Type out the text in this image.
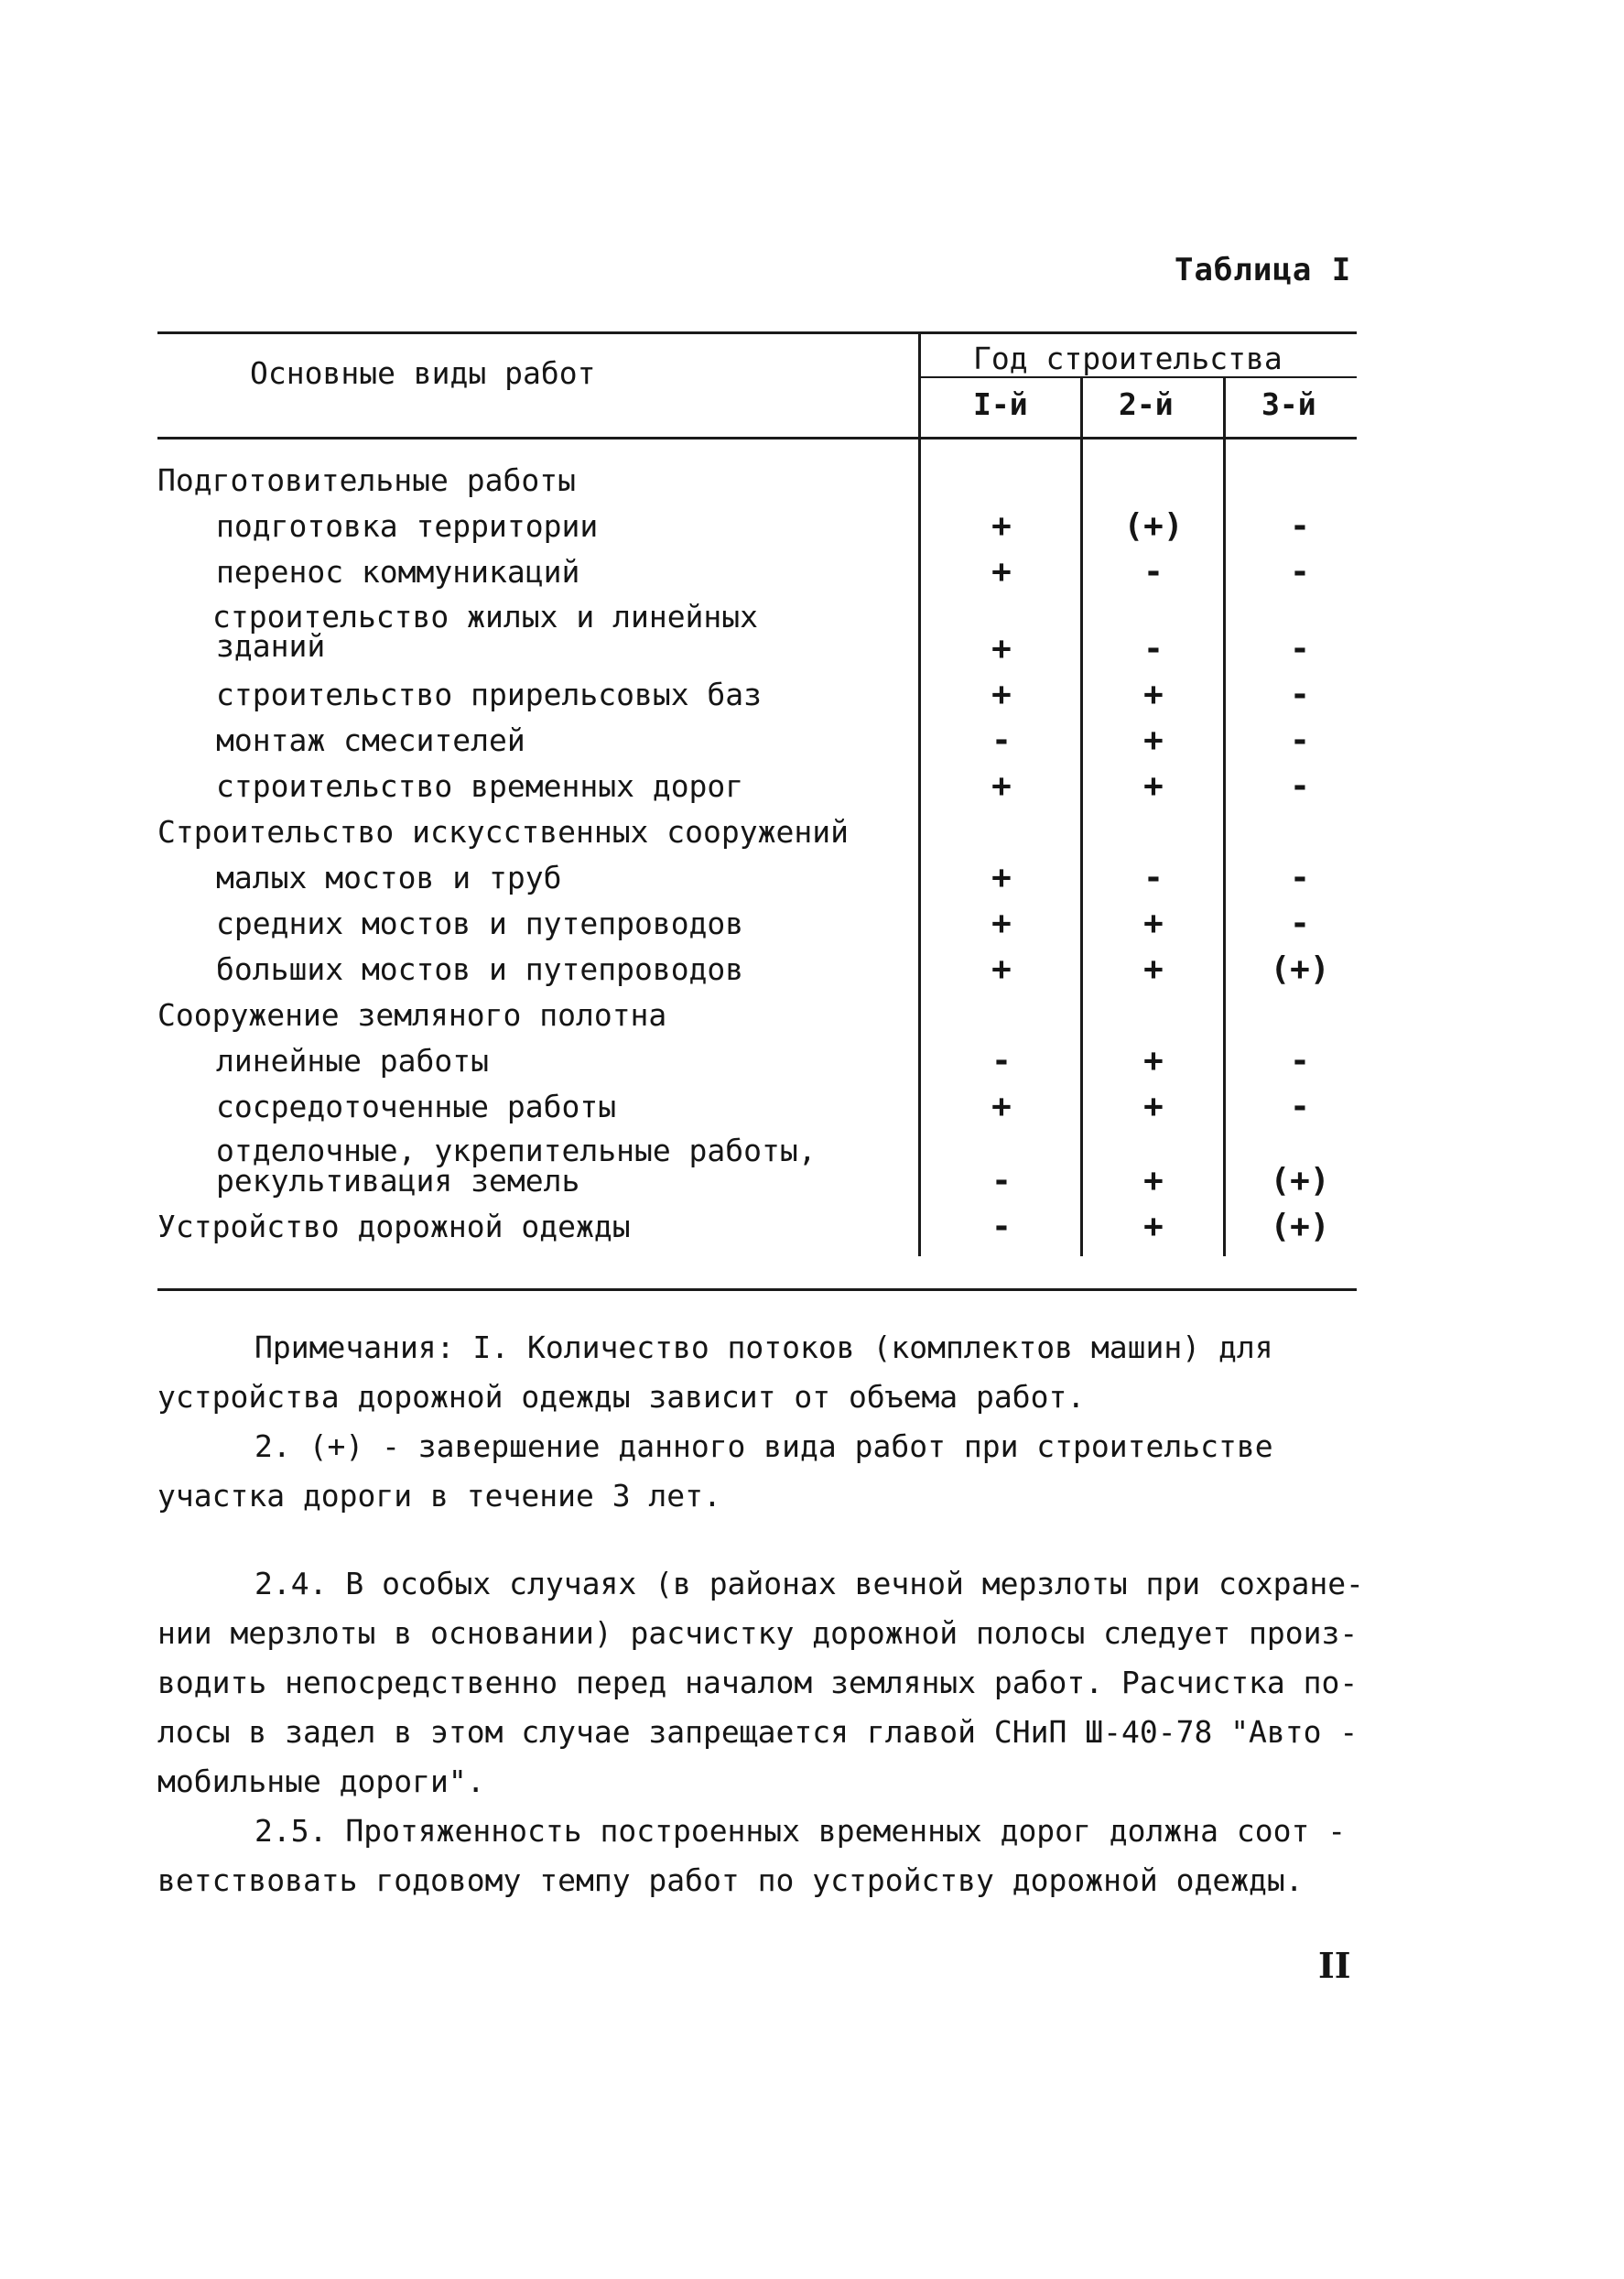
Таблица I
Основные виды работ	Год строительства
I-й	2-й	3-й
Подготовительные работы
подготовка территории	+	(+)	-
перенос коммуникаций	+	-	-
строительство жилых и линейных
зданий	+	-	-
строительство прирельсовых баз	+	+	-
монтаж смесителей	-	+	-
строительство временных дорог	+	+	-
Строительство искусственных сооружений
малых мостов и труб	+	-	-
средних мостов и путепроводов	+	+	-
больших мостов и путепроводов	+	+	(+)
Сооружение земляного полотна
линейные работы	-	+	-
сосредоточенные работы	+	+	-
отделочные, укрепительные работы,
рекультивация земель	-	+	(+)
Устройство дорожной одежды	-	+	(+)
Примечания: I. Количество потоков (комплектов машин) для
устройства дорожной одежды зависит от объема работ.
2. (+) - завершение данного вида работ при строительстве
участка дороги в течение 3 лет.
2.4. В особых случаях (в районах вечной мерзлоты при сохране-
нии мерзлоты в основании) расчистку дорожной полосы следует произ-
водить непосредственно перед началом земляных работ. Расчистка по-
лосы в задел в этом случае запрещается главой СНиП Ш-40-78 "Авто -
мобильные дороги".
2.5. Протяженность построенных временных дорог должна соот -
ветствовать годовому темпу работ по устройству дорожной одежды.
II
